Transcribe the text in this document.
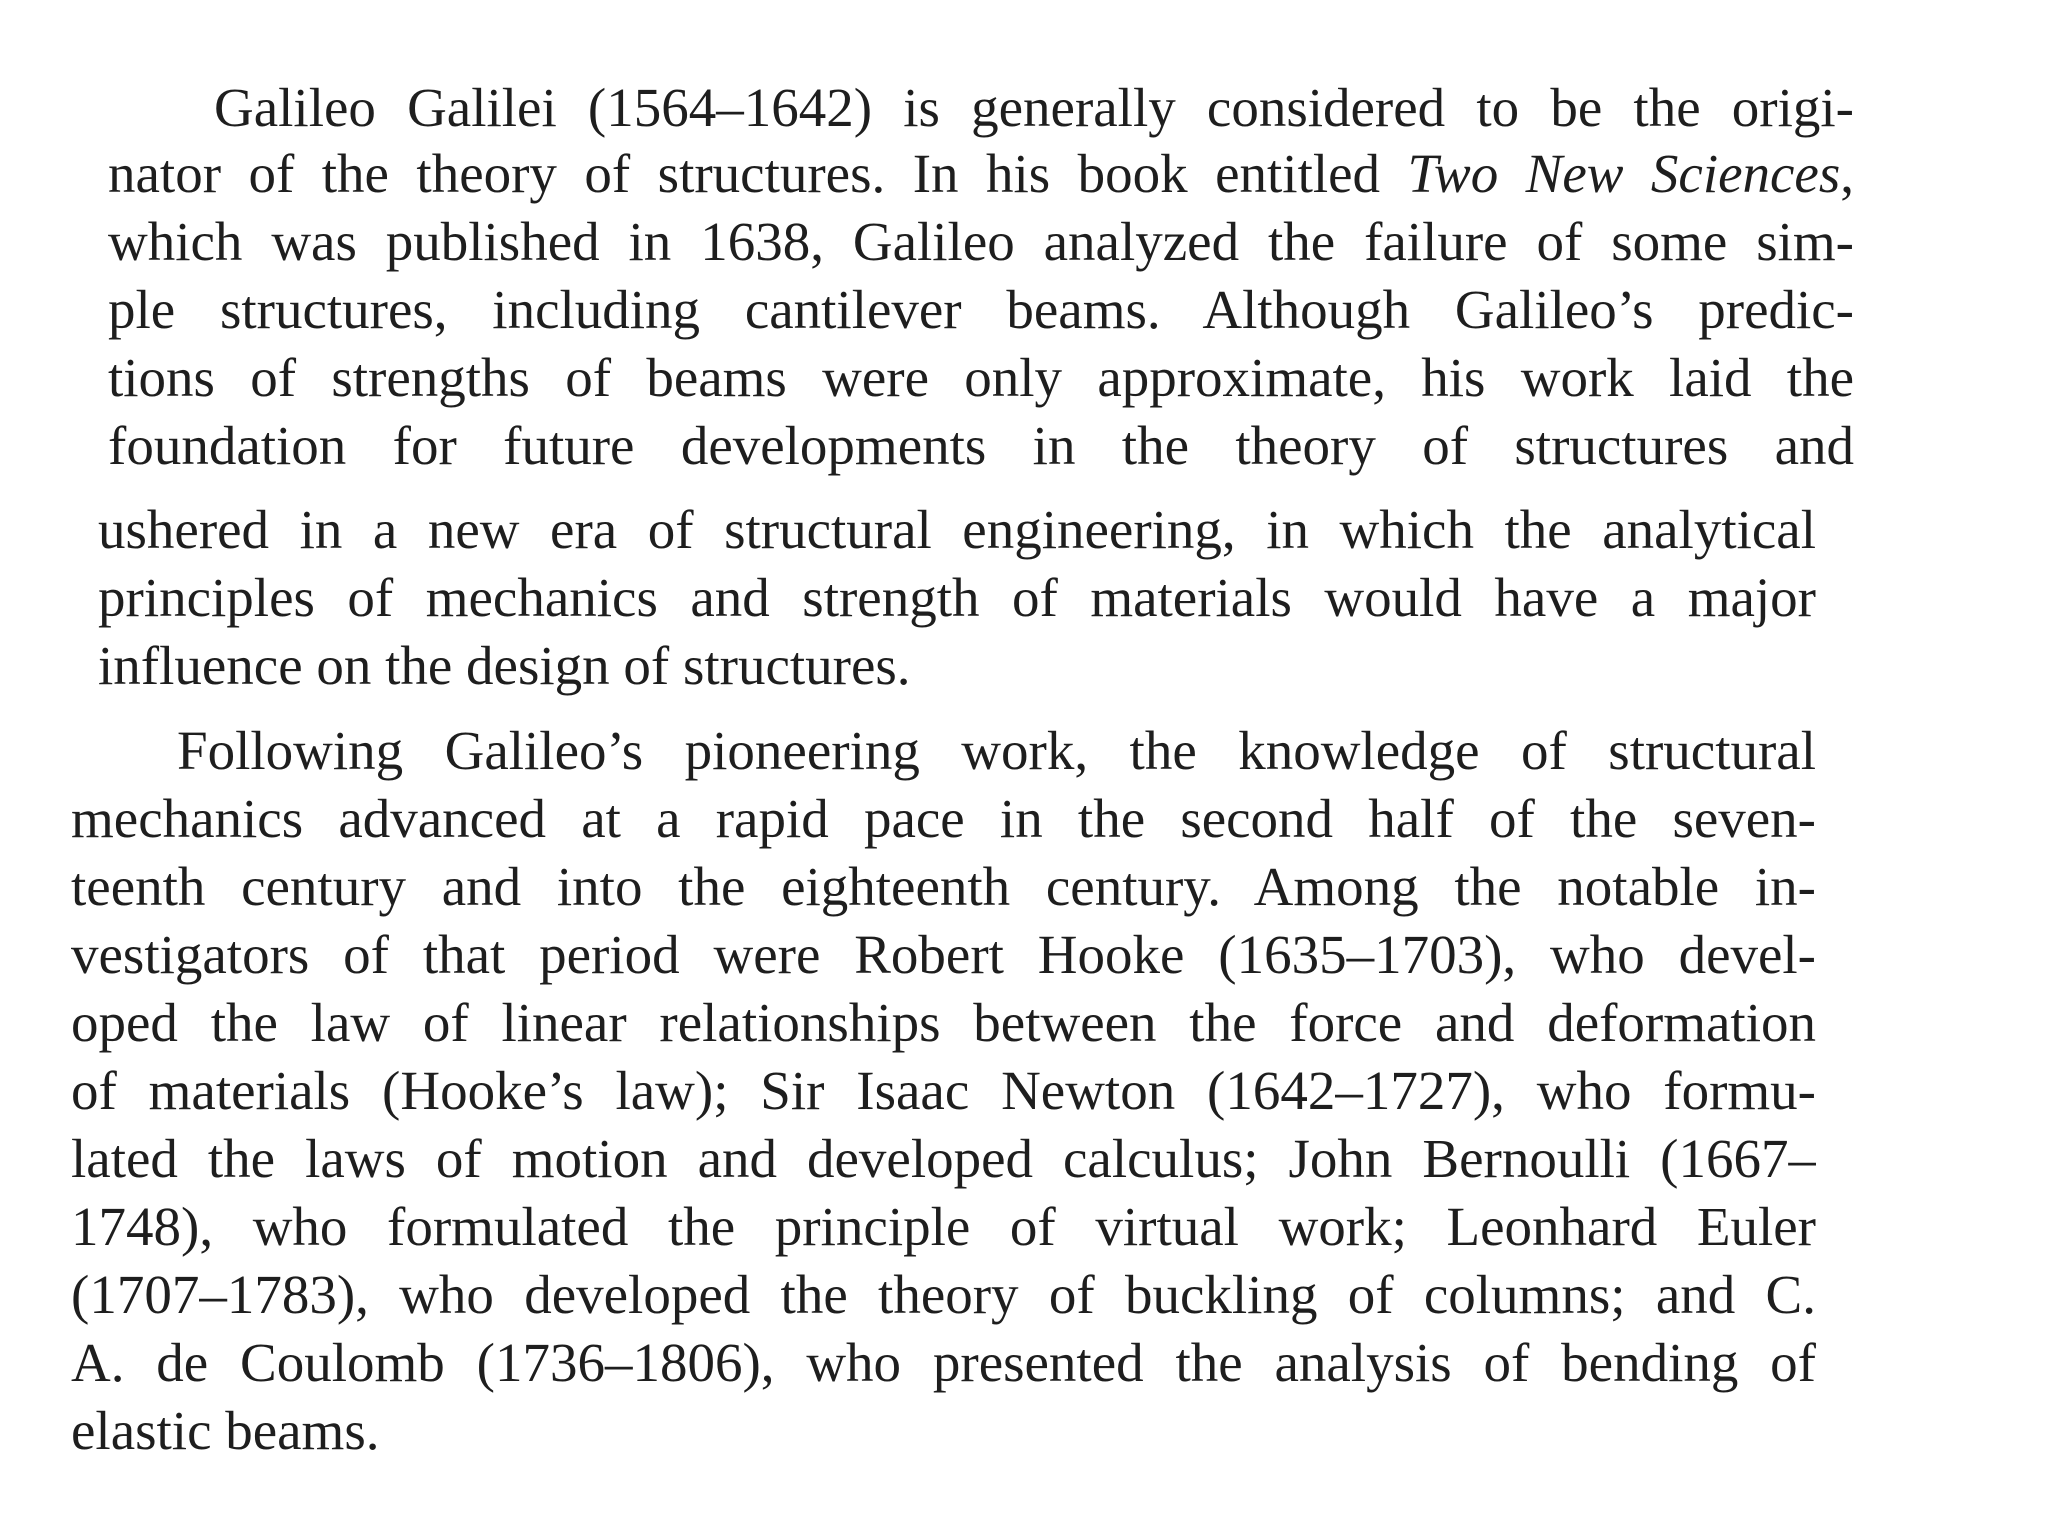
Galileo Galilei (1564–1642) is generally considered to be the origi-
nator of the theory of structures. In his book entitled Two New Sciences,
which was published in 1638, Galileo analyzed the failure of some sim-
ple structures, including cantilever beams. Although Galileo’s predic-
tions of strengths of beams were only approximate, his work laid the
foundation for future developments in the theory of structures and
ushered in a new era of structural engineering, in which the analytical
principles of mechanics and strength of materials would have a major
influence on the design of structures.
Following Galileo’s pioneering work, the knowledge of structural
mechanics advanced at a rapid pace in the second half of the seven-
teenth century and into the eighteenth century. Among the notable in-
vestigators of that period were Robert Hooke (1635–1703), who devel-
oped the law of linear relationships between the force and deformation
of materials (Hooke’s law); Sir Isaac Newton (1642–1727), who formu-
lated the laws of motion and developed calculus; John Bernoulli (1667–
1748), who formulated the principle of virtual work; Leonhard Euler
(1707–1783), who developed the theory of buckling of columns; and C.
A. de Coulomb (1736–1806), who presented the analysis of bending of
elastic beams.
